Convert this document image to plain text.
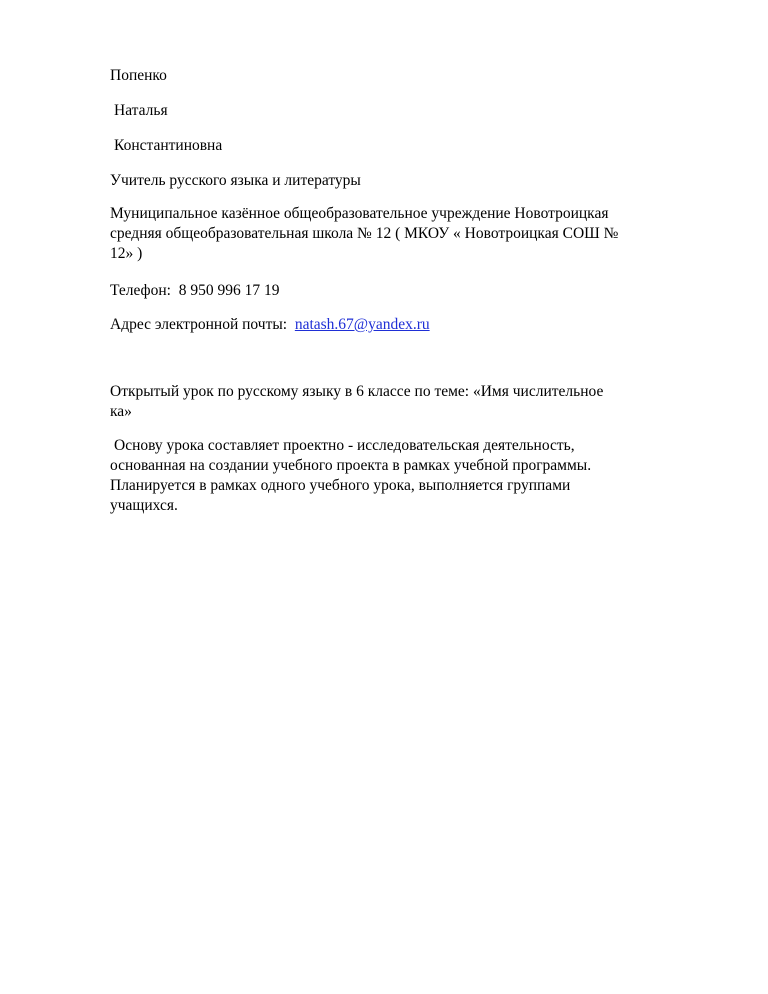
Попенко
Наталья
Константиновна
Учитель русского языка и литературы
Муниципальное казённое общеобразовательное учреждение Новотроицкая
средняя общеобразовательная школа № 12 ( МКОУ « Новотроицкая СОШ №
12» )
Телефон: 8 950 996 17 19
Адрес электронной почты: natash.67@yandex.ru
Открытый урок по русскому языку в 6 классе по теме: «Имя числительное
ка»
Основу урока составляет проектно - исследовательская деятельность,
основанная на создании учебного проекта в рамках учебной программы.
Планируется в рамках одного учебного урока, выполняется группами
учащихся.
